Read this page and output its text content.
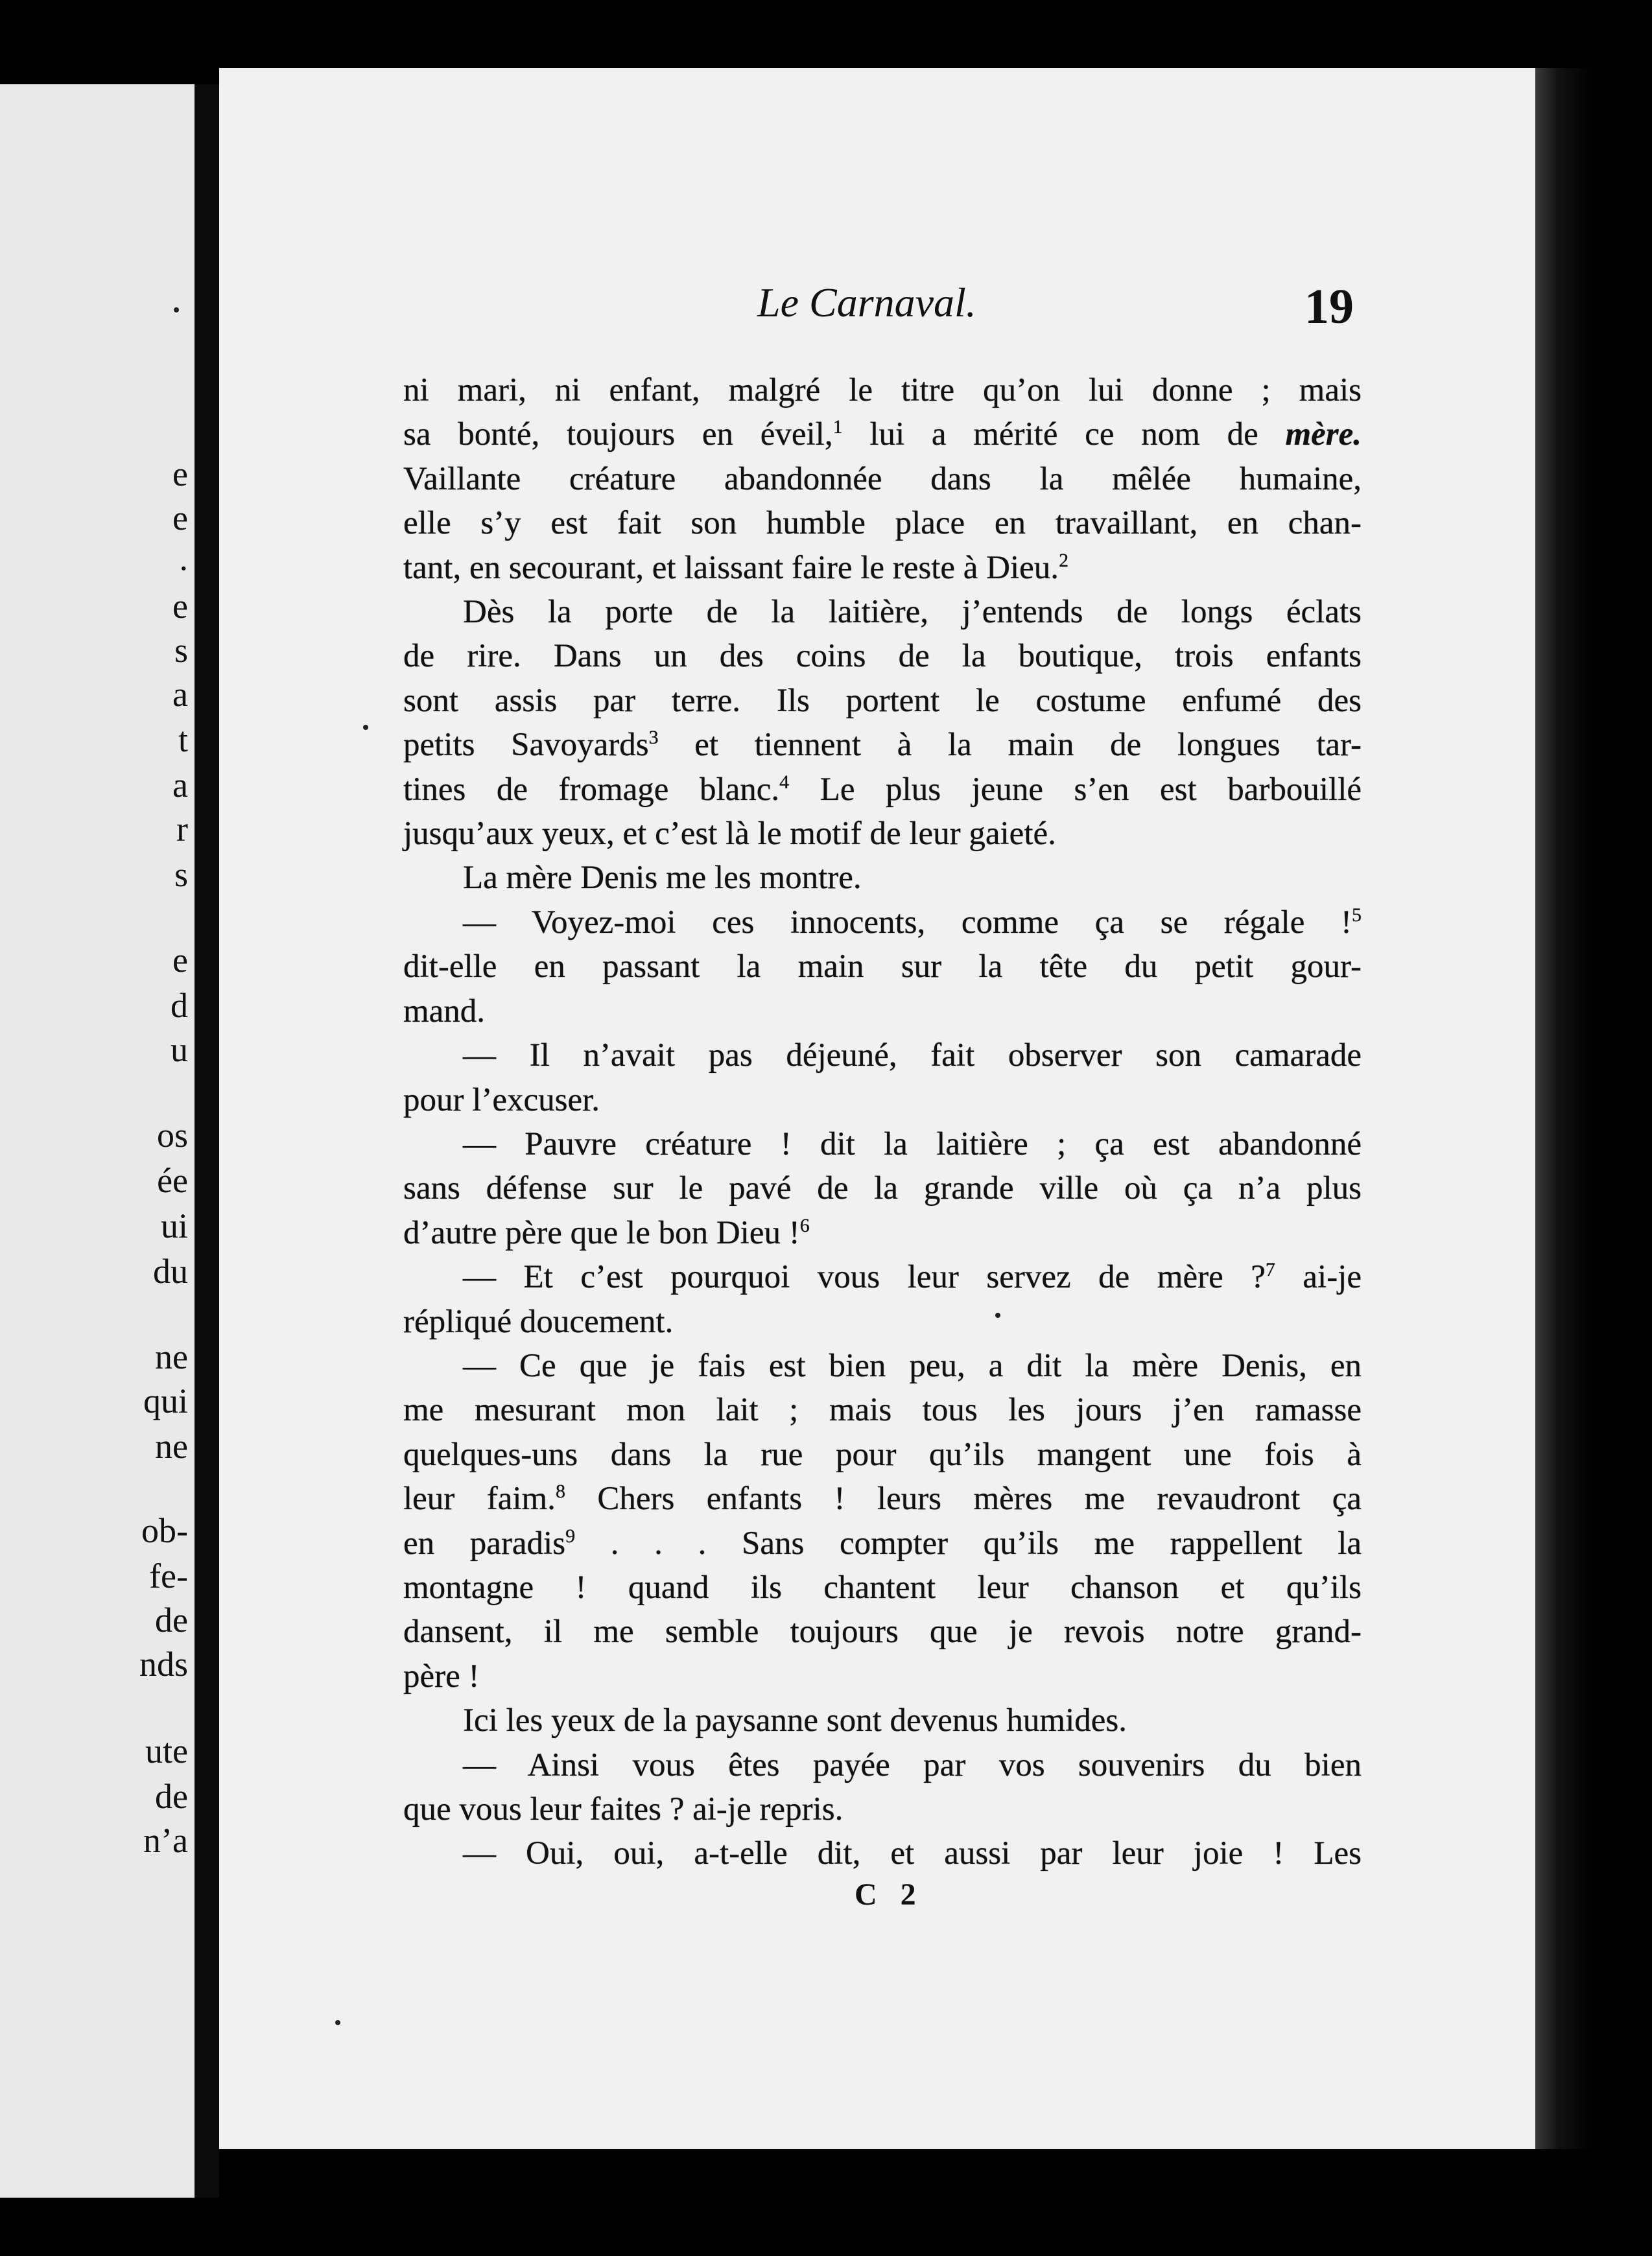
e
e
.
e
s
a
t
a
r
s
e
d
u
os
ée
ui
du
ne
qui
ne
ob-
fe-
de
nds
ute
de
n’a
Le Carnaval.	19
ni mari, ni enfant, malgré le titre qu’on lui donne ; mais
sa bonté, toujours en éveil,$^1$ lui a mérité ce nom de mère.
Vaillante créature abandonnée dans la mêlée humaine,
elle s’y est fait son humble place en travaillant, en chan-
tant, en secourant, et laissant faire le reste à Dieu.$^2$
Dès la porte de la laitière, j’entends de longs éclats
de rire. Dans un des coins de la boutique, trois enfants
sont assis par terre. Ils portent le costume enfumé des
petits Savoyards$^3$ et tiennent à la main de longues tar-
tines de fromage blanc.$^4$ Le plus jeune s’en est barbouillé
jusqu’aux yeux, et c’est là le motif de leur gaieté.
La mère Denis me les montre.
— Voyez-moi ces innocents, comme ça se régale !$^5$
dit-elle en passant la main sur la tête du petit gour-
mand.
— Il n’avait pas déjeuné, fait observer son camarade
pour l’excuser.
— Pauvre créature ! dit la laitière ; ça est abandonné
sans défense sur le pavé de la grande ville où ça n’a plus
d’autre père que le bon Dieu !$^6$
— Et c’est pourquoi vous leur servez de mère ?$^7$ ai-je
répliqué doucement.
— Ce que je fais est bien peu, a dit la mère Denis, en
me mesurant mon lait ; mais tous les jours j’en ramasse
quelques-uns dans la rue pour qu’ils mangent une fois à
leur faim.$^8$ Chers enfants ! leurs mères me revaudront ça
en paradis$^9$ . . . Sans compter qu’ils me rappellent la
montagne ! quand ils chantent leur chanson et qu’ils
dansent, il me semble toujours que je revois notre grand-
père !
Ici les yeux de la paysanne sont devenus humides.
— Ainsi vous êtes payée par vos souvenirs du bien
que vous leur faites ? ai-je repris.
— Oui, oui, a-t-elle dit, et aussi par leur joie ! Les
C 2
